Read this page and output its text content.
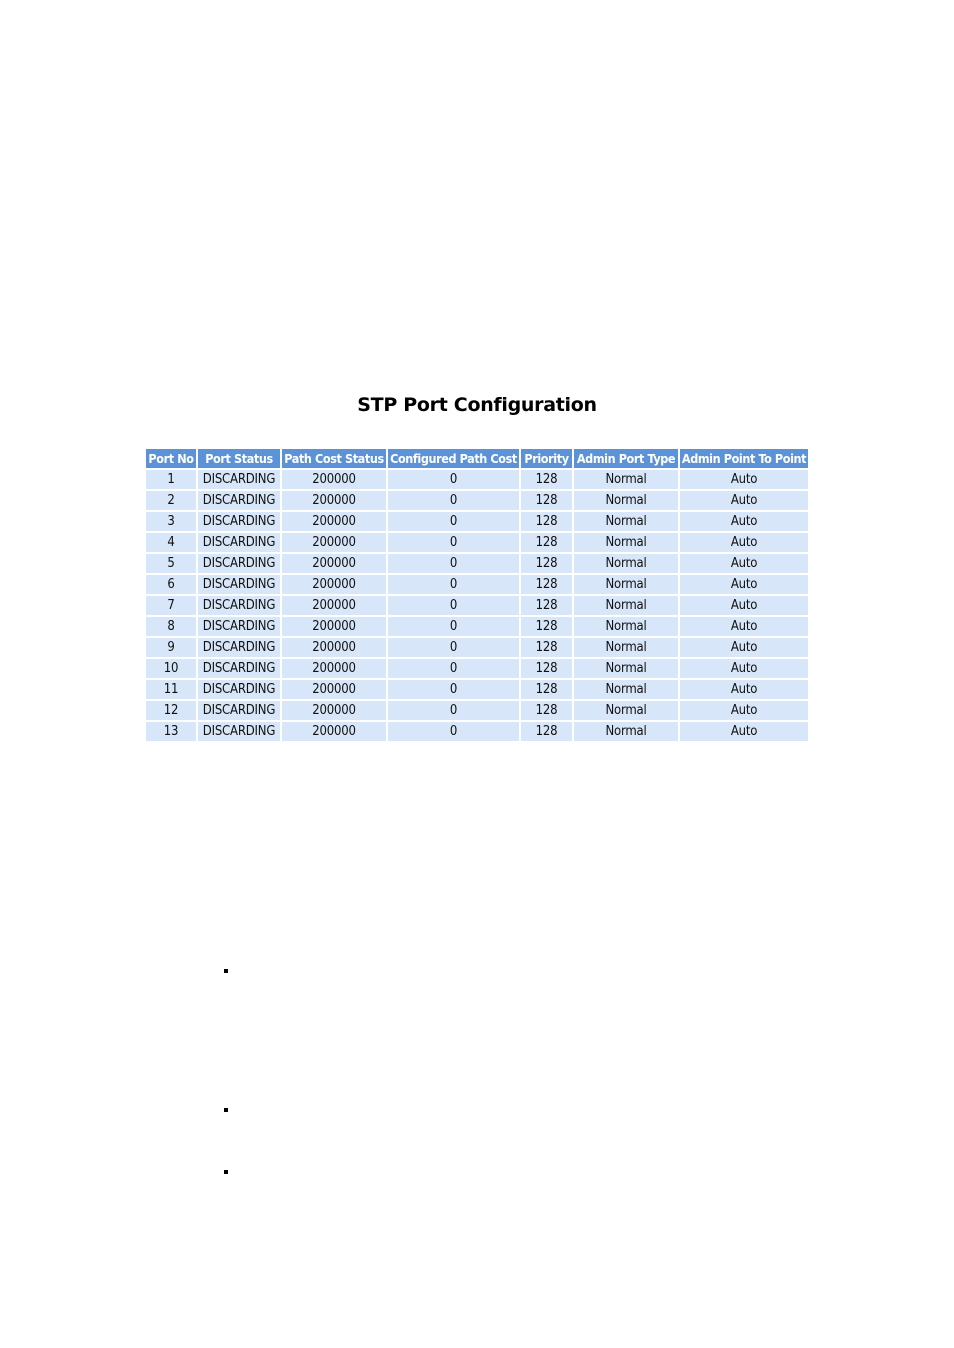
STP Port Configuration
Port No	Port Status	Path Cost Status	Configured Path Cost	Priority	Admin Port Type	Admin Point To Point
1	DISCARDING	200000	0	128	Normal	Auto
2	DISCARDING	200000	0	128	Normal	Auto
3	DISCARDING	200000	0	128	Normal	Auto
4	DISCARDING	200000	0	128	Normal	Auto
5	DISCARDING	200000	0	128	Normal	Auto
6	DISCARDING	200000	0	128	Normal	Auto
7	DISCARDING	200000	0	128	Normal	Auto
8	DISCARDING	200000	0	128	Normal	Auto
9	DISCARDING	200000	0	128	Normal	Auto
10	DISCARDING	200000	0	128	Normal	Auto
11	DISCARDING	200000	0	128	Normal	Auto
12	DISCARDING	200000	0	128	Normal	Auto
13	DISCARDING	200000	0	128	Normal	Auto
